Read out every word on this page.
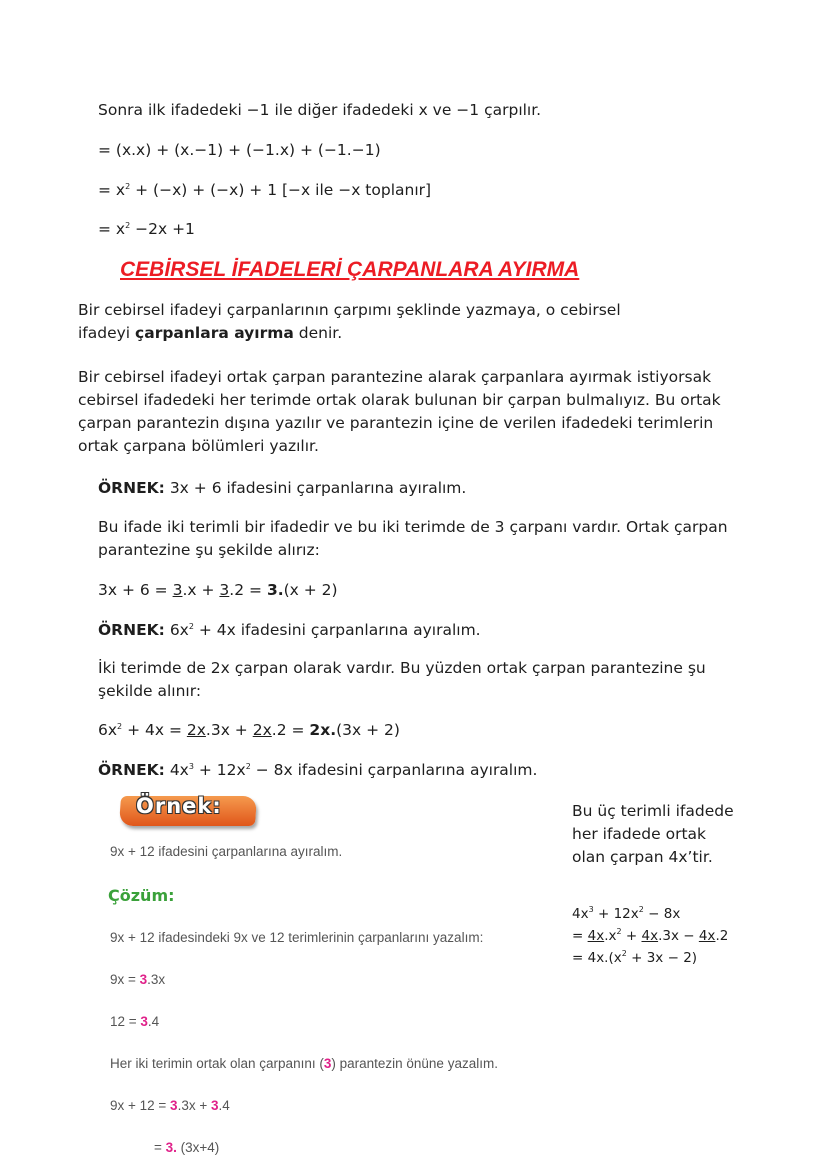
Sonra ilk ifadedeki −1 ile diğer ifadedeki x ve −1 çarpılır.
= (x.x) + (x.−1) + (−1.x) + (−1.−1)
= $x^2 + (-x) + (-x) + 1$ [−x ile −x toplanır]
= $x^2 -2x +1$
CEBİRSEL İFADELERİ ÇARPANLARA AYIRMA
Bir cebirsel ifadeyi çarpanlarının çarpımı şeklinde yazmaya, o cebirsel
ifadeyi çarpanlara ayırma denir.
Bir cebirsel ifadeyi ortak çarpan parantezine alarak çarpanlara ayırmak istiyorsak cebirsel ifadedeki her terimde ortak olarak bulunan bir çarpan bulmalıyız. Bu ortak çarpan parantezin dışına yazılır ve parantezin içine de verilen ifadedeki terimlerin ortak çarpana bölümleri yazılır.
ÖRNEK: 3x + 6 ifadesini çarpanlarına ayıralım.
Bu ifade iki terimli bir ifadedir ve bu iki terimde de 3 çarpanı vardır. Ortak çarpan parantezine şu şekilde alırız:
3x + 6 = 3.x + 3.2 = 3.(x + 2)
ÖRNEK: $6x^2 + 4x$ ifadesini çarpanlarına ayıralım.
İki terimde de 2x çarpan olarak vardır. Bu yüzden ortak çarpan parantezine şu şekilde alınır:
$6x^2 + 4x = 2x.3x + 2x.2 = 2x.(3x + 2)$
ÖRNEK: $4x^3 + 12x^2 - 8x$ ifadesini çarpanlarına ayıralım.
Örnek:
9x + 12 ifadesini çarpanlarına ayıralım.
Çözüm:
9x + 12 ifadesindeki 9x ve 12 terimlerinin çarpanlarını yazalım:
9x = 3.3x
12 = 3.4
Her iki terimin ortak olan çarpanını (3) parantezin önüne yazalım.
9x + 12 = 3.3x + 3.4
= 3. (3x+4)
Bu üç terimli ifadede her ifadede ortak olan çarpan 4x’tir.
$4x^3 + 12x^2 - 8x$
= $4x.x^2 + 4x.3x - 4x.2$
= $4x.(x^2 + 3x - 2)$
